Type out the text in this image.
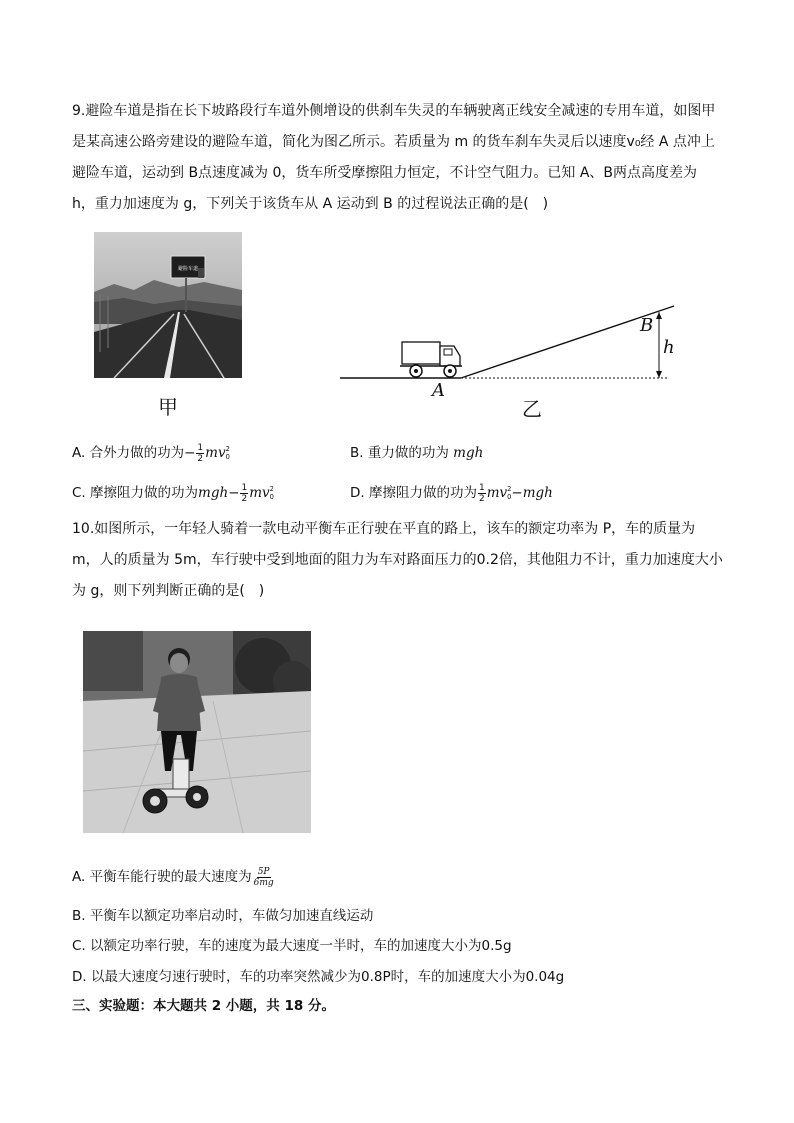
9.避险车道是指在长下坡路段行车道外侧增设的供刹车失灵的车辆驶离正线安全减速的专用车道，如图甲是某高速公路旁建设的避险车道，简化为图乙所示。若质量为 m 的货车刹车失灵后以速度v₀经 A 点冲上避险车道，运动到 B点速度减为 0，货车所受摩擦阻力恒定，不计空气阻力。已知 A、B两点高度差为 h，重力加速度为 g，下列关于该货车从 A 运动到 B 的过程说法正确的是(　)
避险车道
甲
A
B
h
乙
A. 合外力做的功为− $\frac{1}{2}$ mv 2
0	B. 重力做的功为 mgh
C. 摩擦阻力做的功为$mgh- \frac{1}{2}$ mv 2
0	D. 摩擦阻力做的功为 $\frac{1}{2}$ mv 2
0 −mgh
10.如图所示，一年轻人骑着一款电动平衡车正行驶在平直的路上，该车的额定功率为 P，车的质量为 m，人的质量为 5m，车行驶中受到地面的阻力为车对路面压力的0.2倍，其他阻力不计，重力加速度大小为 g，则下列判断正确的是(　)
A. 平衡车能行驶的最大速度为 $\frac{5P}{6mg}$
B. 平衡车以额定功率启动时，车做匀加速直线运动
C. 以额定功率行驶，车的速度为最大速度一半时，车的加速度大小为0.5g
D. 以最大速度匀速行驶时，车的功率突然减少为0.8P时，车的加速度大小为0.04g
三、实验题：本大题共 2 小题，共 18 分。
